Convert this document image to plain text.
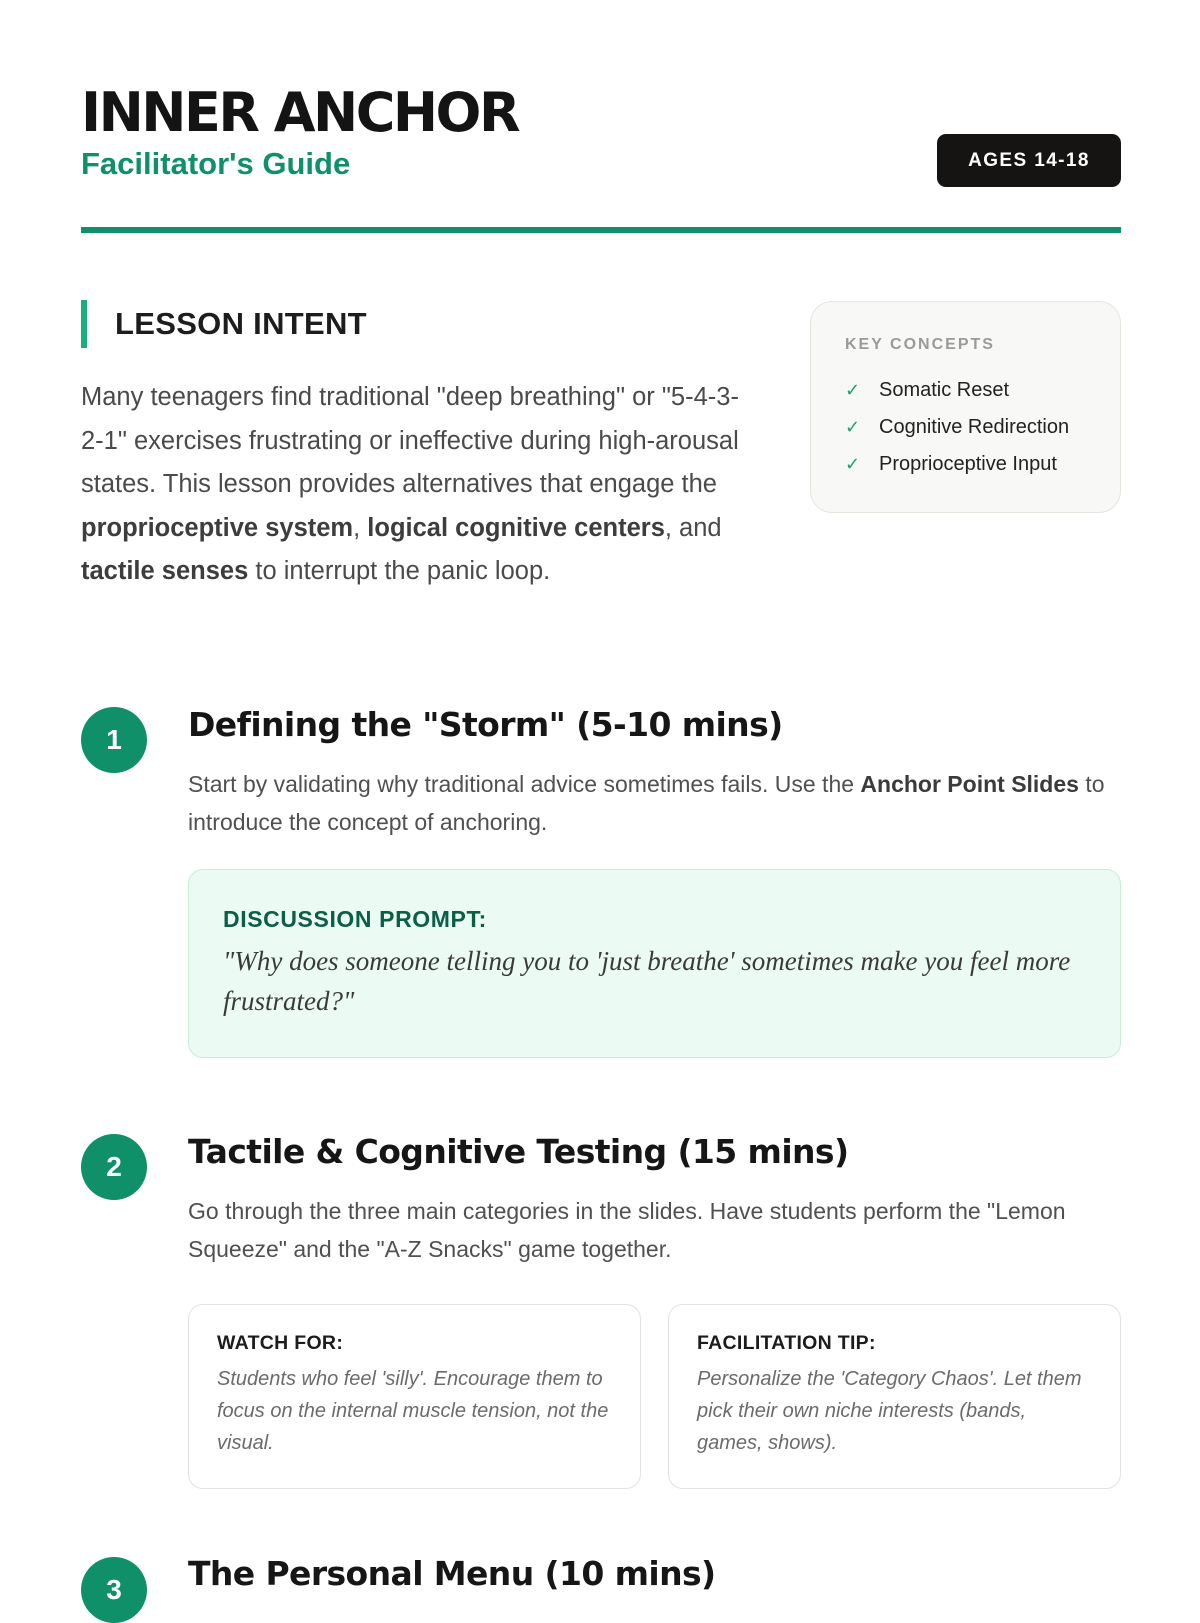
INNER ANCHOR
Facilitator's Guide	AGES 14-18
LESSON INTENT

Many teenagers find traditional "deep breathing" or "5-4-3-2-1" exercises frustrating or ineffective during high-arousal states. This lesson provides alternatives that engage the proprioceptive system, logical cognitive centers, and tactile senses to interrupt the panic loop.

KEY CONCEPTS
✓ Somatic Reset
✓ Cognitive Redirection
✓ Proprioceptive Input
1	Defining the "Storm" (5-10 mins)

Start by validating why traditional advice sometimes fails. Use the Anchor Point Slides to introduce the concept of anchoring.

DISCUSSION PROMPT:
"Why does someone telling you to 'just breathe' sometimes make you feel more frustrated?"
2	Tactile & Cognitive Testing (15 mins)

Go through the three main categories in the slides. Have students perform the "Lemon Squeeze" and the "A-Z Snacks" game together.

WATCH FOR:
Students who feel 'silly'. Encourage them to focus on the internal muscle tension, not the visual.
FACILITATION TIP:
Personalize the 'Category Chaos'. Let them pick their own niche interests (bands, games, shows).
3	The Personal Menu (10 mins)
